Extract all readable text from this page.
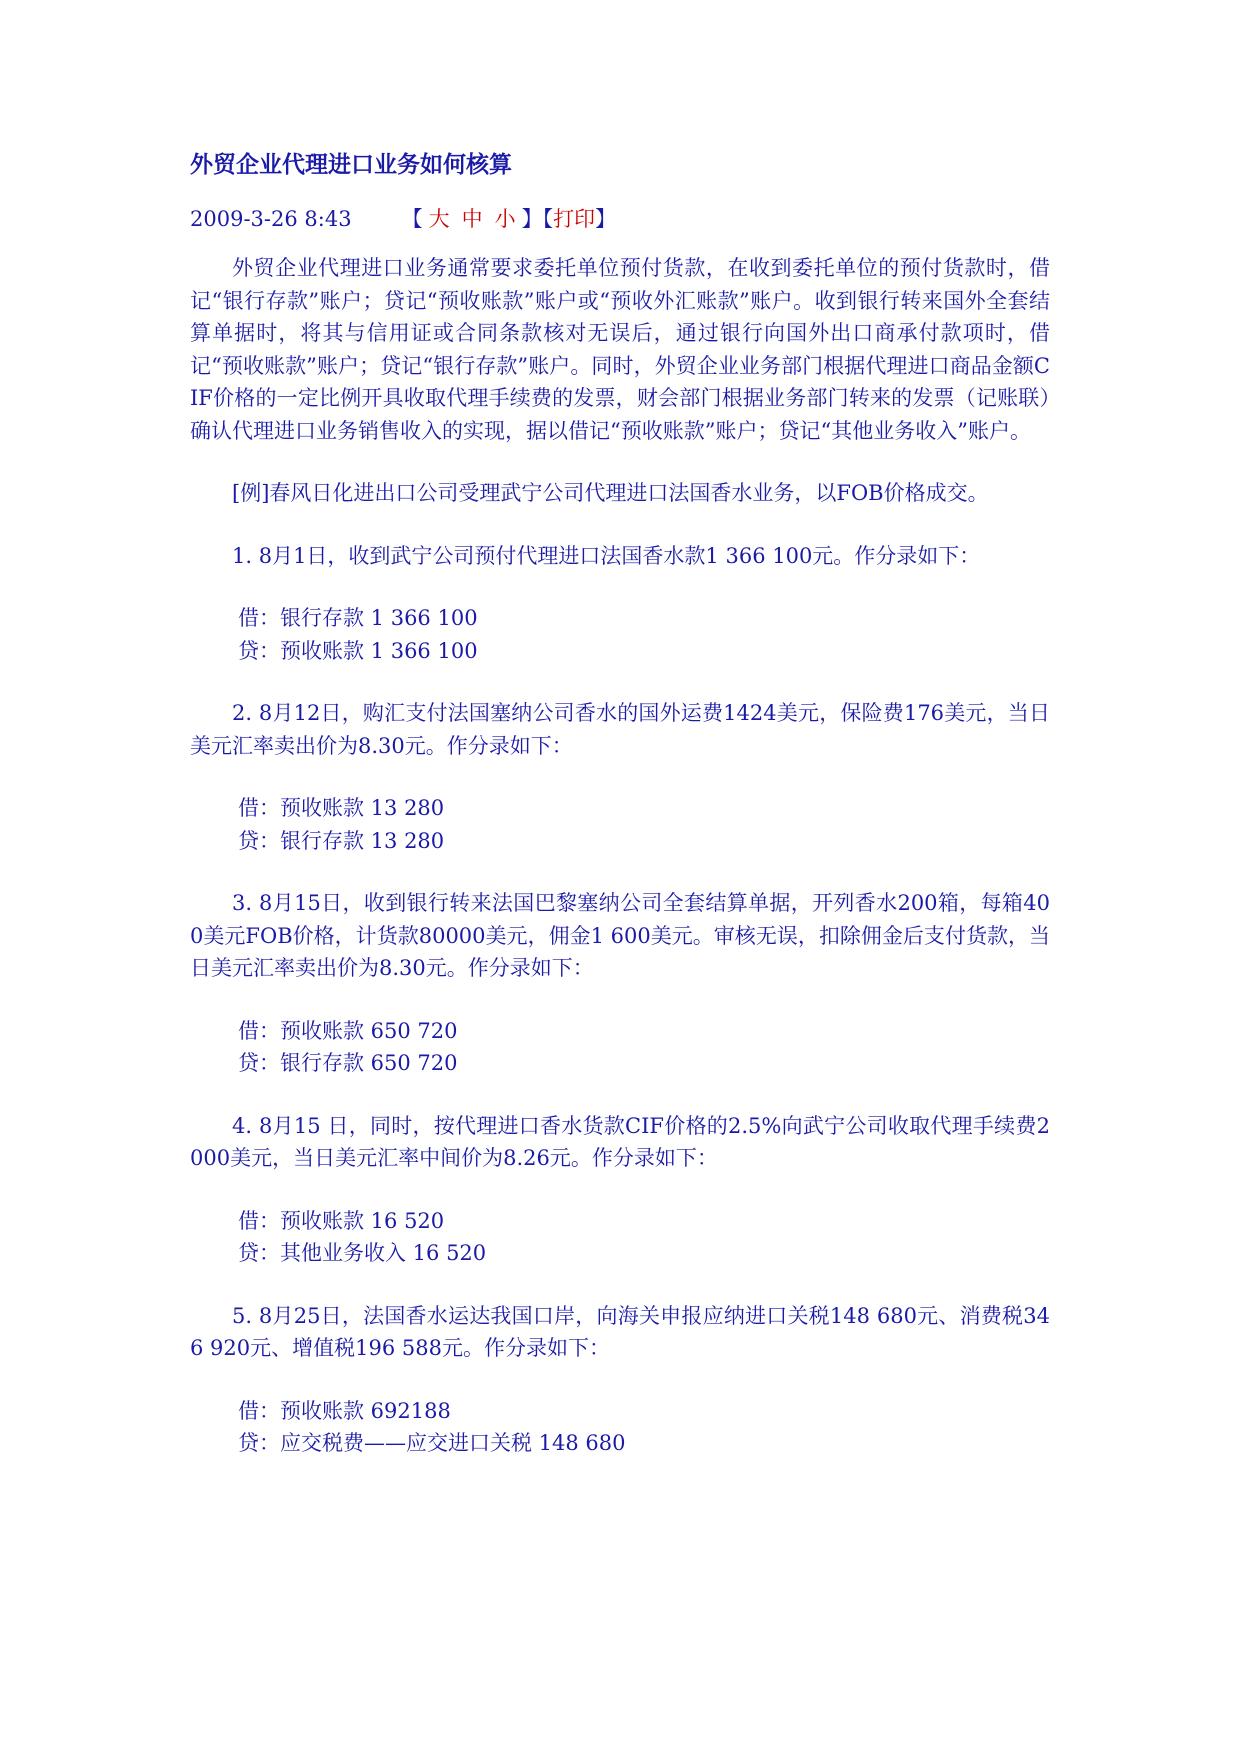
外贸企业代理进口业务如何核算
2009-3-26 8:43 【 大 中 小 】【打印】

外贸企业代理进口业务通常要求委托单位预付货款，在收到委托单位的预付货款时，借记“银行存款”账户；贷记“预收账款”账户或“预收外汇账款”账户。收到银行转来国外全套结算单据时，将其与信用证或合同条款核对无误后，通过银行向国外出口商承付款项时，借记“预收账款”账户；贷记“银行存款”账户。同时，外贸企业业务部门根据代理进口商品金额CIF价格的一定比例开具收取代理手续费的发票，财会部门根据业务部门转来的发票（记账联）确认代理进口业务销售收入的实现，据以借记“预收账款”账户；贷记“其他业务收入”账户。

[例]春风日化进出口公司受理武宁公司代理进口法国香水业务，以FOB价格成交。

1. 8月1日，收到武宁公司预付代理进口法国香水款1 366 100元。作分录如下：

借：银行存款 1 366 100
贷：预收账款 1 366 100

2. 8月12日，购汇支付法国塞纳公司香水的国外运费1424美元，保险费176美元，当日美元汇率卖出价为8.30元。作分录如下：

借：预收账款 13 280
贷：银行存款 13 280

3. 8月15日，收到银行转来法国巴黎塞纳公司全套结算单据，开列香水200箱，每箱400美元FOB价格，计货款80000美元，佣金1 600美元。审核无误，扣除佣金后支付货款，当日美元汇率卖出价为8.30元。作分录如下：

借：预收账款 650 720
贷：银行存款 650 720

4. 8月15 日，同时，按代理进口香水货款CIF价格的2.5%向武宁公司收取代理手续费2 000美元，当日美元汇率中间价为8.26元。作分录如下：

借：预收账款 16 520
贷：其他业务收入 16 520

5. 8月25日，法国香水运达我国口岸，向海关申报应纳进口关税148 680元、消费税346 920元、增值税196 588元。作分录如下：

借：预收账款 692188
贷：应交税费——应交进口关税 148 680
